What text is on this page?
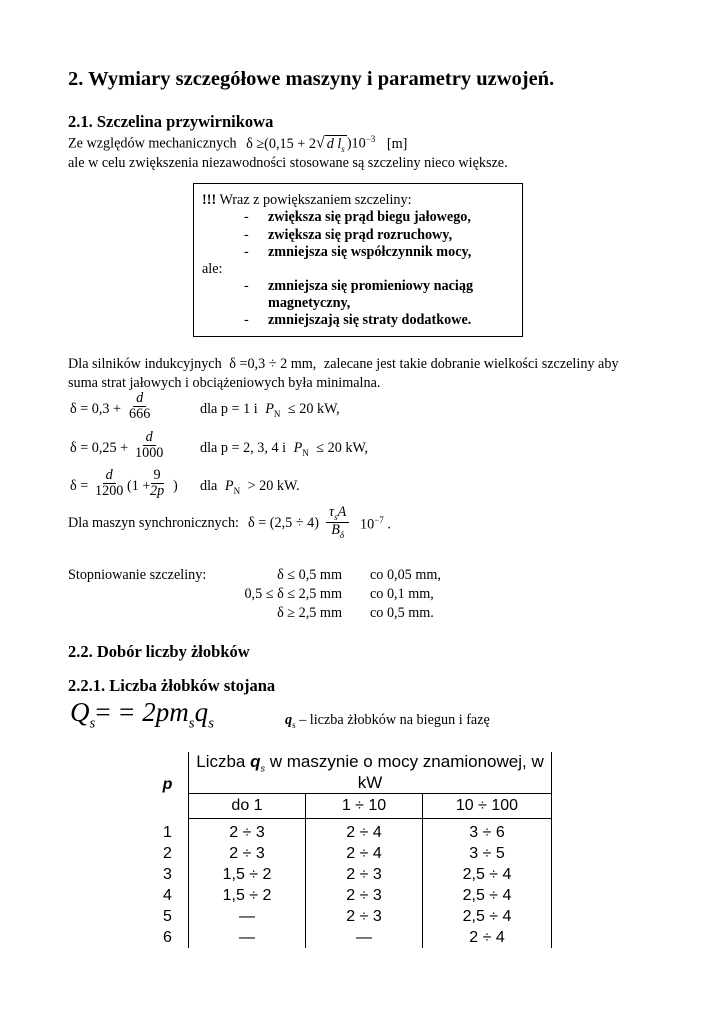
2. Wymiary szczegółowe maszyny i parametry uzwojeń.
2.1. Szczelina przywirnikowa
Ze względów mechanicznych δ ≥(0,15 + 2√ d $l_s$ )$10^{-3}$ [m]
ale w celu zwiększenia niezawodności stosowane są szczeliny nieco większe.
!!! Wraz z powiększaniem szczeliny:
- zwiększa się prąd biegu jałowego,
- zwiększa się prąd rozruchowy,
- zmniejsza się współczynnik mocy,
ale:
- zmniejsza się promieniowy naciąg
magnetyczny,
- zmniejszają się straty dodatkowe.
Dla silników indukcyjnych δ =0,3 ÷ 2 mm, zalecane jest takie dobranie wielkości szczeliny aby
suma strat jałowych i obciążeniowych była minimalna.
$\delta = 0,3 + \frac{d}{666}$	dla p = 1 i $P_N \le 20$ kW,
$\delta = 0,25 + \frac{d}{1000}$ dla p = 2, 3, 4 i $P_N \le 20$ kW,
$\delta = \frac{d}{1200} (1$ +
$\frac{9}{2p}$ ) dla $P_N > 20$ kW.
Dla maszyn synchronicznych: $\delta = (2,5 \div 4) \frac{\tau_sA}{B_\delta} 10^{-7}$ .
Stopniowanie szczeliny:	δ ≤ 0,5 mm co 0,05 mm,
0,5 ≤ δ ≤ 2,5 mm co 0,1 mm,
δ ≥ 2,5 mm co 0,5 mm.
2.2. Dobór liczby żłobków
2.2.1. Liczba żłobków stojana
$Q_s= = 2pm_sq_s$	$q_s$ – liczba żłobków na biegun i fazę
p	Liczba $q_s$ w maszynie o mocy znamionowej, w kW		
	do 1	1 ÷ 10	10 ÷ 100
1	2 ÷ 3	2 ÷ 4	3 ÷ 6
2	2 ÷ 3	2 ÷ 4	3 ÷ 5
3	1,5 ÷ 2	2 ÷ 3	2,5 ÷ 4
4	1,5 ÷ 2	2 ÷ 3	2,5 ÷ 4
5	—	2 ÷ 3	2,5 ÷ 4
6	—	—	2 ÷ 4
